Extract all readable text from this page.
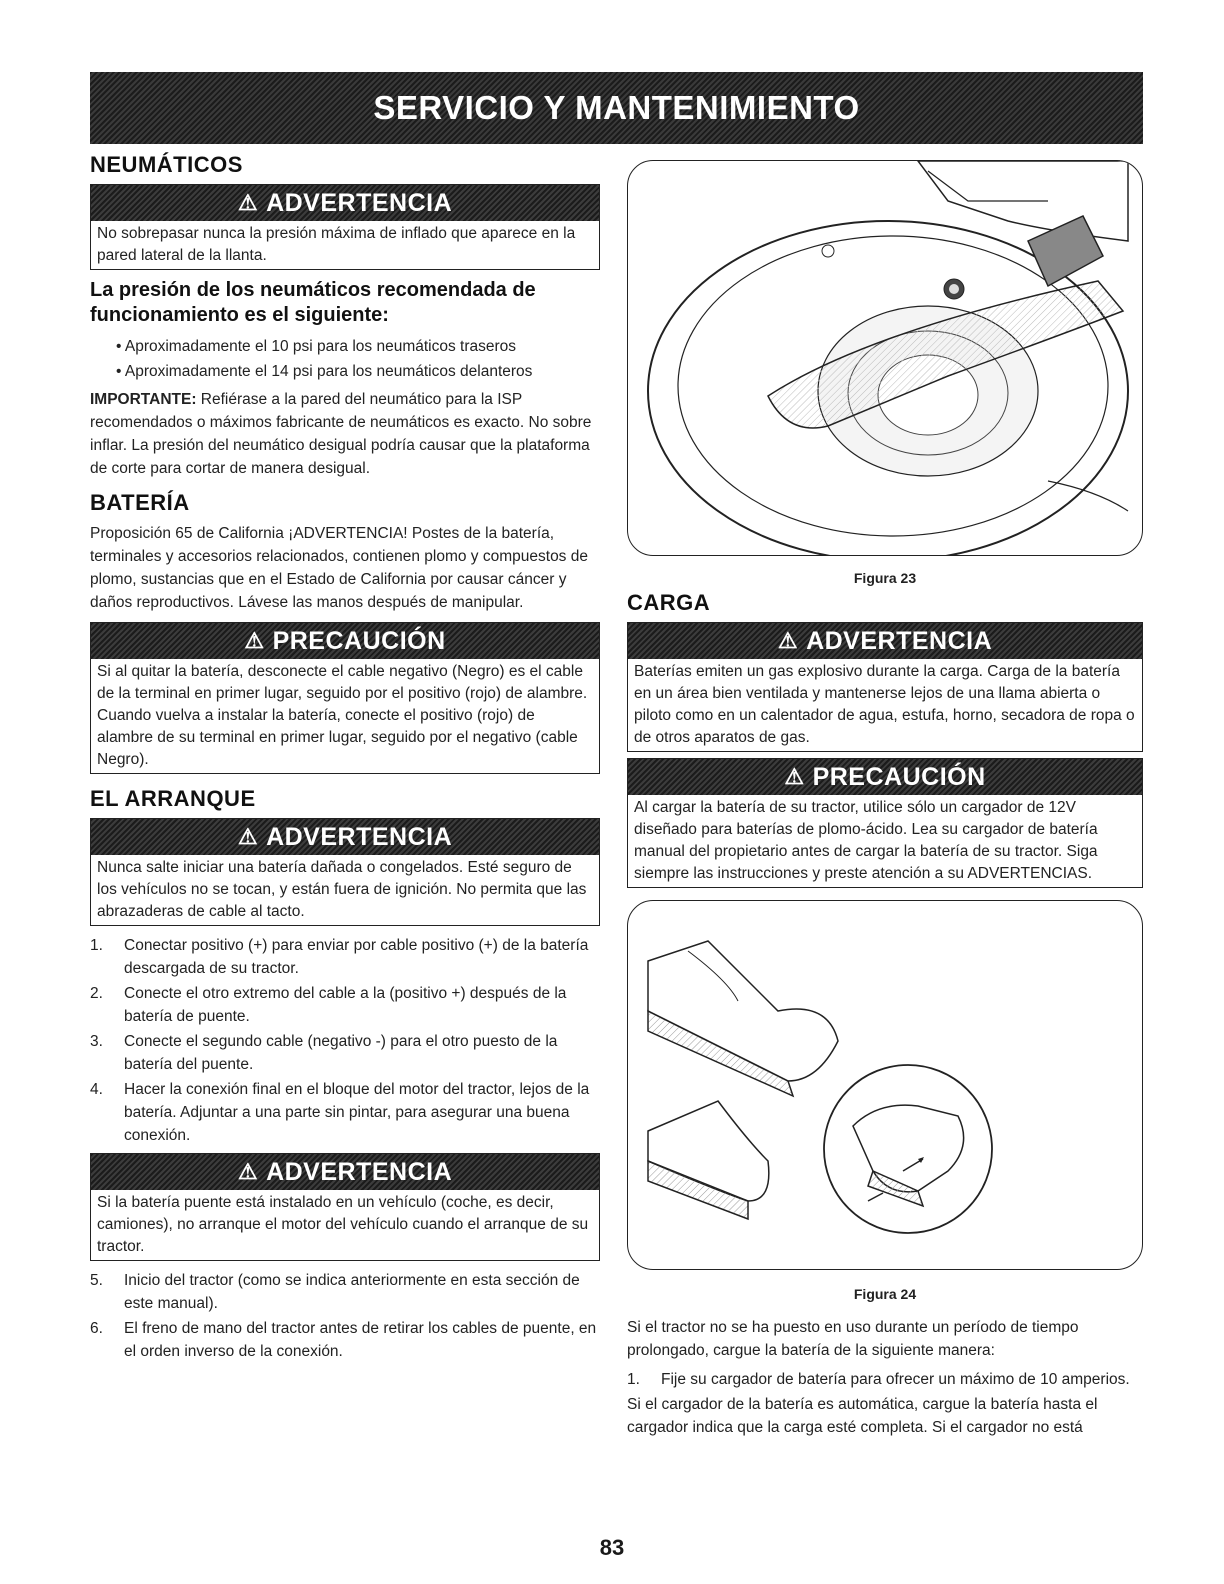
SERVICIO Y MANTENIMIENTO
NEUMÁTICOS
⚠ ADVERTENCIA
No sobrepasar nunca la presión máxima de inflado que aparece en la pared lateral de la llanta.
La presión de los neumáticos recomendada de funcionamiento es el siguiente:
• Aproximadamente el 10 psi para los neumáticos traseros
• Aproximadamente el 14 psi para los neumáticos delanteros
IMPORTANTE: Refiérase a la pared del neumático para la ISP recomendados o máximos fabricante de neumáticos es exacto. No sobre inflar. La presión del neumático desigual podría causar que la plataforma de corte para cortar de manera desigual.
BATERÍA
Proposición 65 de California ¡ADVERTENCIA! Postes de la batería, terminales y accesorios relacionados, contienen plomo y compuestos de plomo, sustancias que en el Estado de California por causar cáncer y daños reproductivos. Lávese las manos después de manipular.
⚠ PRECAUCIÓN
Si al quitar la batería, desconecte el cable negativo (Negro) es el cable de la terminal en primer lugar, seguido por el positivo (rojo) de alambre. Cuando vuelva a instalar la batería, conecte el positivo (rojo) de alambre de su terminal en primer lugar, seguido por el negativo (cable Negro).
EL ARRANQUE
⚠ ADVERTENCIA
Nunca salte iniciar una batería dañada o congelados. Esté seguro de los vehículos no se tocan, y están fuera de ignición. No permita que las abrazaderas de cable al tacto.
1.	Conectar positivo (+) para enviar por cable positivo (+) de la batería descargada de su tractor.
2.	Conecte el otro extremo del cable a la (positivo +) después de la batería de puente.
3.	Conecte el segundo cable (negativo -) para el otro puesto de la batería del puente.
4.	Hacer la conexión final en el bloque del motor del tractor, lejos de la batería. Adjuntar a una parte sin pintar, para asegurar una buena conexión.
⚠ ADVERTENCIA
Si la batería puente está instalado en un vehículo (coche, es decir, camiones), no arranque el motor del vehículo cuando el arranque de su tractor.
5.	Inicio del tractor (como se indica anteriormente en esta sección de este manual).
6.	El freno de mano del tractor antes de retirar los cables de puente, en el orden inverso de la conexión.
Figura 23
CARGA
⚠ ADVERTENCIA
Baterías emiten un gas explosivo durante la carga. Carga de la batería en un área bien ventilada y mantenerse lejos de una llama abierta o piloto como en un calentador de agua, estufa, horno, secadora de ropa o de otros aparatos de gas.
⚠ PRECAUCIÓN
Al cargar la batería de su tractor, utilice sólo un cargador de 12V diseñado para baterías de plomo-ácido. Lea su cargador de batería manual del propietario antes de cargar la batería de su tractor. Siga siempre las instrucciones y preste atención a su ADVERTENCIAS.
Figura 24
Si el tractor no se ha puesto en uso durante un período de tiempo prolongado, cargue la batería de la siguiente manera:
1.	Fije su cargador de batería para ofrecer un máximo de 10 amperios.
Si el cargador de la batería es automática, cargue la batería hasta el cargador indica que la carga esté completa. Si el cargador no está
83
